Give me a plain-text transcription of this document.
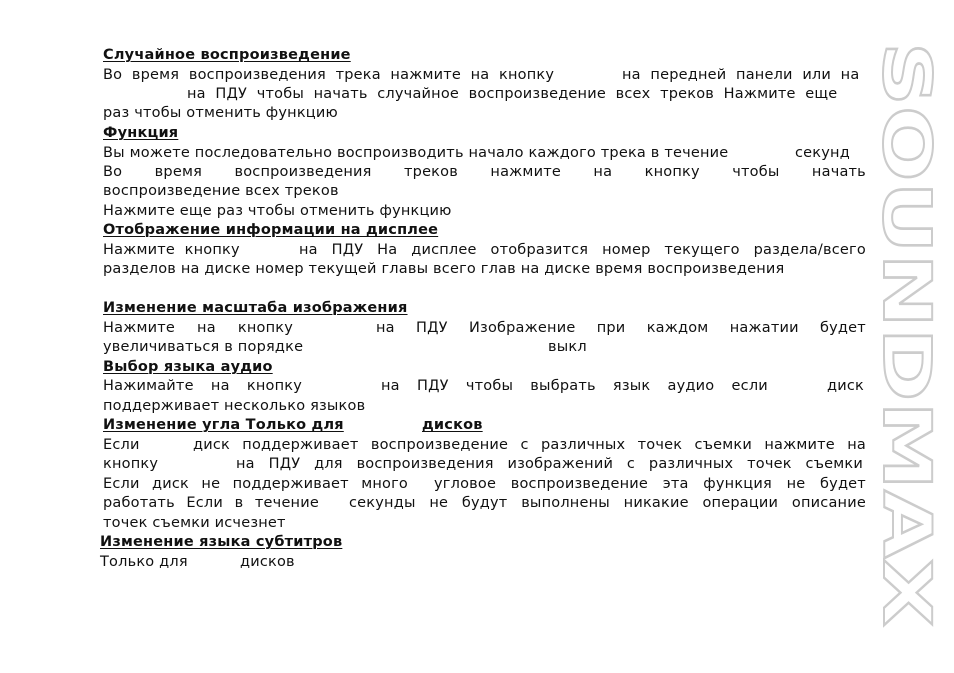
Случайное воспроизведение
Во время воспроизведения трека нажмите на кнопку	на передней панели или на
на ПДУ чтобы начать случайное воспроизведение всех треков Нажмите еще
раз чтобы отменить функцию
Функция
Вы можете последовательно воспроизводить начало каждого трека в течение	секунд
Во время воспроизведения треков нажмите на кнопку чтобы начать
воспроизведение всех треков
Нажмите еще раз чтобы отменить функцию
Отображение информации на дисплее
Нажмите кнопку	на ПДУ На дисплее отобразится номер текущего раздела/всего
разделов на диске номер текущей главы всего глав на диске время воспроизведения
Изменение масштаба изображения
Нажмите на кнопку	на ПДУ Изображение при каждом нажатии будет
увеличиваться в порядке	выкл
Выбор языка аудио
Нажимайте на кнопку	на ПДУ чтобы выбрать язык аудио если	диск
поддерживает несколько языков
Изменение угла Только для	дисков
Если	диск поддерживает воспроизведение с различных точек съемки нажмите на
кнопку	на ПДУ для воспроизведения изображений с различных точек съемки
Если диск не поддерживает много угловое воспроизведение эта функция не будет
работать Если в течение секунды не будут выполнены никакие операции описание
точек съемки исчезнет
Изменение языка субтитров
Только для	дисков
SOUNDMAX
